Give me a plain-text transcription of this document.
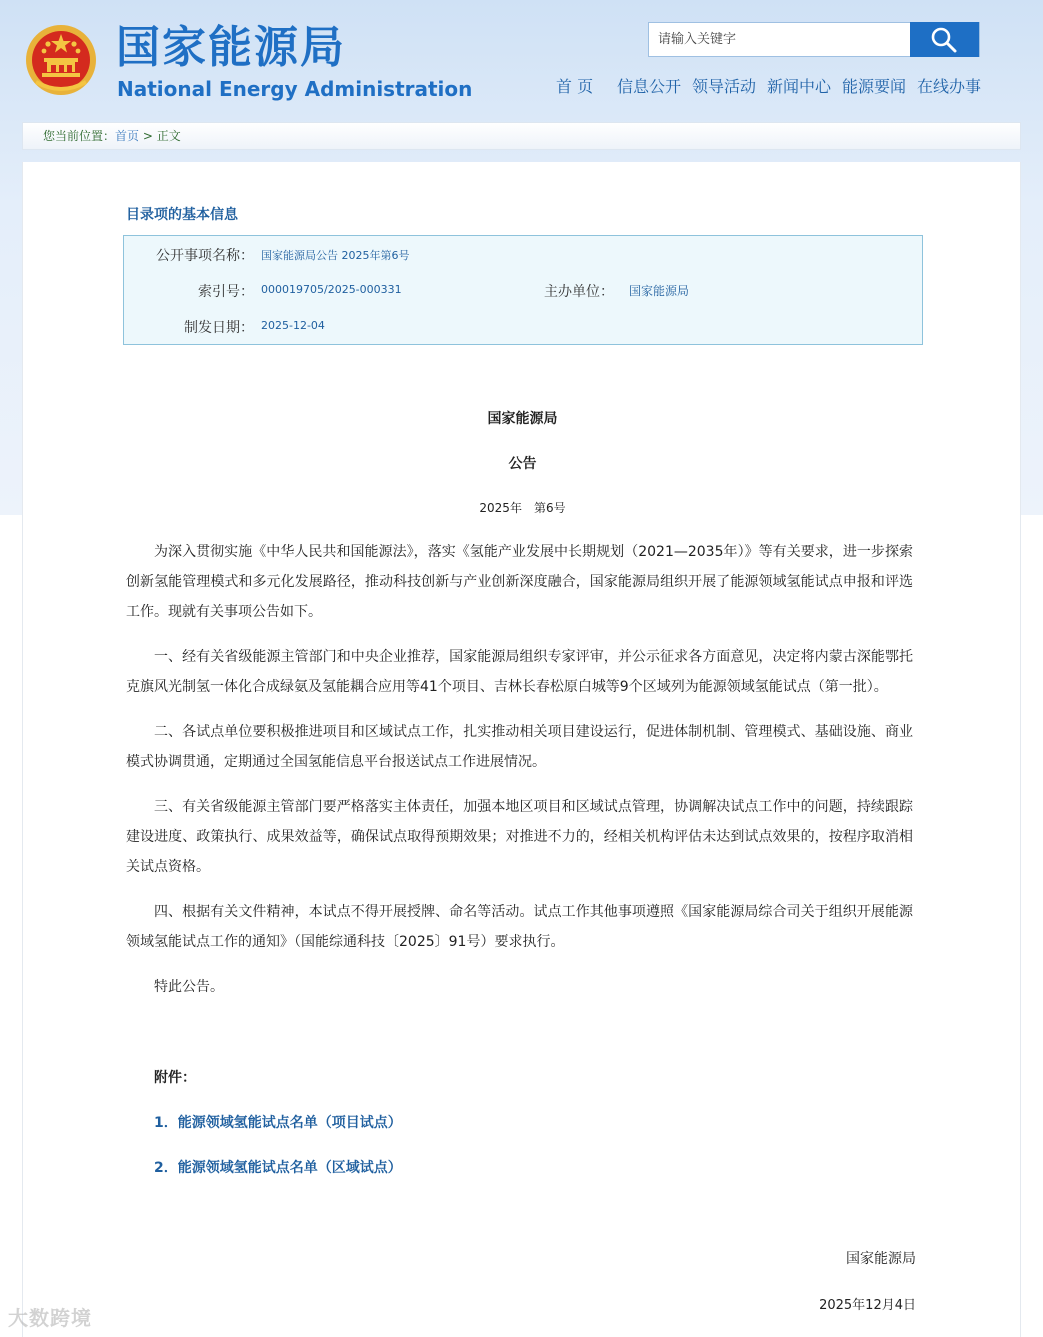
国家能源局
National Energy Administration
请输入关键字	首 页 信息公开 领导活动 新闻中心 能源要闻 在线办事
您当前位置：首页 > 正文
目录项的基本信息
公开事项名称： 国家能源局公告 2025年第6号
索引号： 000019705/2025-000331	主办单位： 国家能源局
制发日期： 2025-12-04
国家能源局
公告
2025年　第6号

为深入贯彻实施《中华人民共和国能源法》，落实《氢能产业发展中长期规划（2021—2035年）》等有关要求，进一步探索创新氢能管理模式和多元化发展路径，推动科技创新与产业创新深度融合，国家能源局组织开展了能源领域氢能试点申报和评选工作。现就有关事项公告如下。

一、经有关省级能源主管部门和中央企业推荐，国家能源局组织专家评审，并公示征求各方面意见，决定将内蒙古深能鄂托克旗风光制氢一体化合成绿氨及氢能耦合应用等41个项目、吉林长春松原白城等9个区域列为能源领域氢能试点（第一批）。

二、各试点单位要积极推进项目和区域试点工作，扎实推动相关项目建设运行，促进体制机制、管理模式、基础设施、商业模式协调贯通，定期通过全国氢能信息平台报送试点工作进展情况。

三、有关省级能源主管部门要严格落实主体责任，加强本地区项目和区域试点管理，协调解决试点工作中的问题，持续跟踪建设进度、政策执行、成果效益等，确保试点取得预期效果；对推进不力的，经相关机构评估未达到试点效果的，按程序取消相关试点资格。

四、根据有关文件精神，本试点不得开展授牌、命名等活动。试点工作其他事项遵照《国家能源局综合司关于组织开展能源领域氢能试点工作的通知》（国能综通科技〔2025〕91号）要求执行。

特此公告。

附件：
1．能源领域氢能试点名单（项目试点）
2．能源领域氢能试点名单（区域试点）
国家能源局
2025年12月4日
大数跨境
